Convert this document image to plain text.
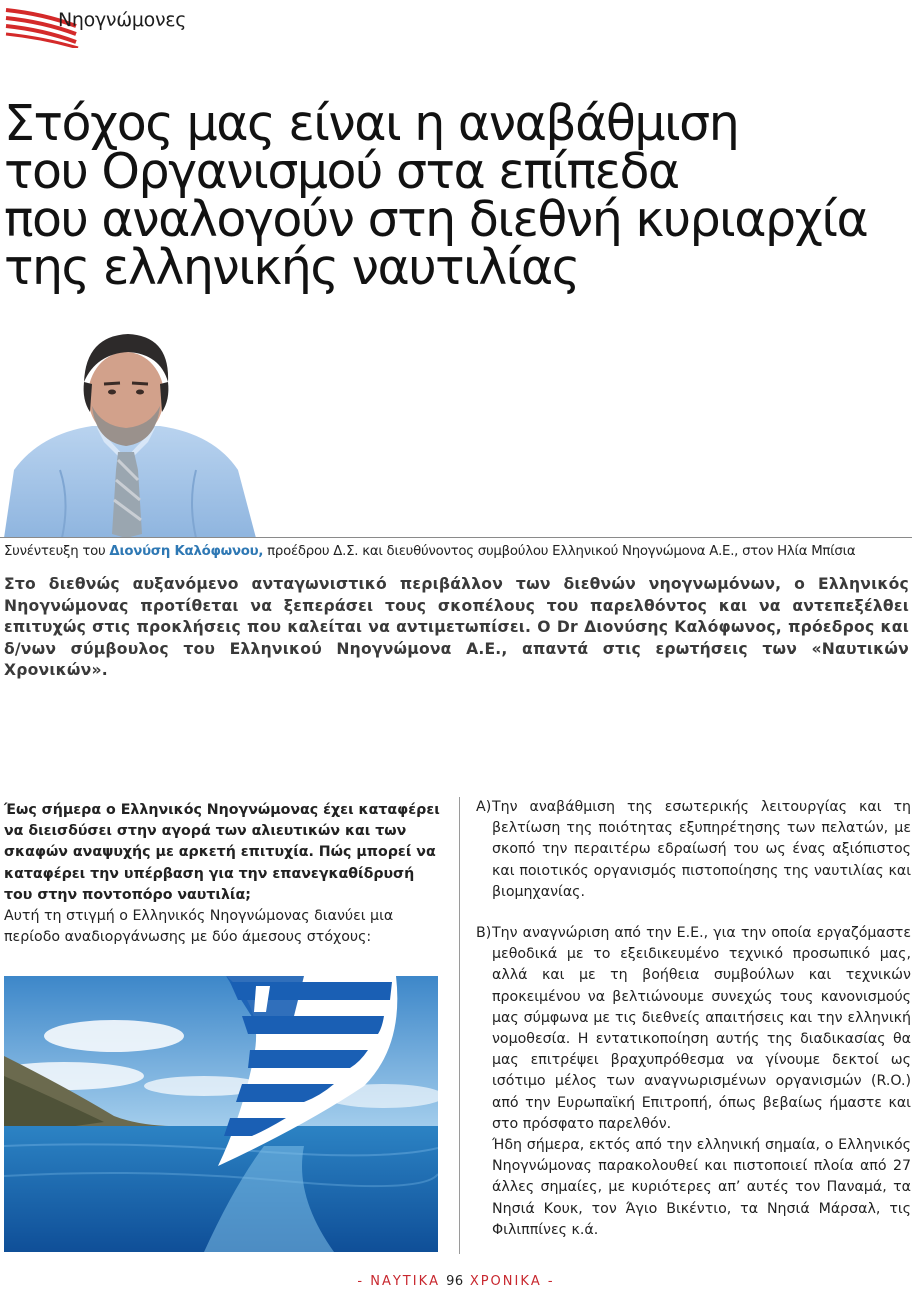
Νηογνώμονες
Στόχος μας είναι η αναβάθμιση
του Οργανισμού στα επίπεδα
που αναλογούν στη διεθνή κυριαρχία
της ελληνικής ναυτιλίας
Συνέντευξη του Διονύση Καλόφωνου, προέδρου Δ.Σ. και διευθύνοντος συμβούλου Ελληνικού Νηογνώμονα Α.Ε., στον Ηλία Μπίσια

Στο διεθνώς αυξανόμενο ανταγωνιστικό περιβάλλον των διεθνών νηογνωμόνων, ο Ελληνικός Νηογνώμονας προτίθεται να ξεπεράσει τους σκοπέλους του παρελθόντος και να αντεπεξέλθει επιτυχώς στις προκλήσεις που καλείται να αντιμετωπίσει. Ο Dr Διονύσης Καλόφωνος, πρόεδρος και δ/νων σύμβουλος του Ελληνικού Νηογνώμονα Α.Ε., απαντά στις ερωτήσεις των «Ναυτικών Χρονικών».

Έως σήμερα ο Ελληνικός Νηογνώμονας έχει καταφέρει να διεισδύσει στην αγορά των αλιευτικών και των σκαφών αναψυχής με αρκετή επιτυχία. Πώς μπορεί να καταφέρει την υπέρβαση για την επανεγκαθίδρυσή του στην ποντοπόρο ναυτιλία;

Αυτή τη στιγμή ο Ελληνικός Νηογνώμονας διανύει μια περίοδο αναδιοργάνωσης με δύο άμεσους στόχους:

Α) Την αναβάθμιση της εσωτερικής λειτουργίας και τη βελτίωση της ποιότητας εξυπηρέτησης των πελατών, με σκοπό την περαιτέρω εδραίωσή του ως ένας αξιόπιστος και ποιοτικός οργανισμός πιστοποίησης της ναυτιλίας και βιομηχανίας.
Β) Την αναγνώριση από την Ε.Ε., για την οποία εργαζόμαστε μεθοδικά με το εξειδικευμένο τεχνικό προσωπικό μας, αλλά και με τη βοήθεια συμβούλων και τεχνικών προκειμένου να βελτιώνουμε συνεχώς τους κανονισμούς μας σύμφωνα με τις διεθνείς απαιτήσεις και την ελληνική νομοθεσία. Η εντατικοποίηση αυτής της διαδικασίας θα μας επιτρέψει βραχυπρόθεσμα να γίνουμε δεκτοί ως ισότιμο μέλος των αναγνωρισμένων οργανισμών (R.O.) από την Ευρωπαϊκή Επιτροπή, όπως βεβαίως ήμαστε και στο πρόσφατο παρελθόν.

Ήδη σήμερα, εκτός από την ελληνική σημαία, ο Ελληνικός Νηογνώμονας παρακολουθεί και πιστοποιεί πλοία από 27 άλλες σημαίες, με κυριότερες απ’ αυτές τον Παναμά, τα Νησιά Κουκ, τον Άγιο Βικέντιο, τα Νησιά Μάρσαλ, τις Φιλιππίνες κ.ά.

- ΝΑΥΤΙΚΑ 96 ΧΡΟΝΙΚΑ -
